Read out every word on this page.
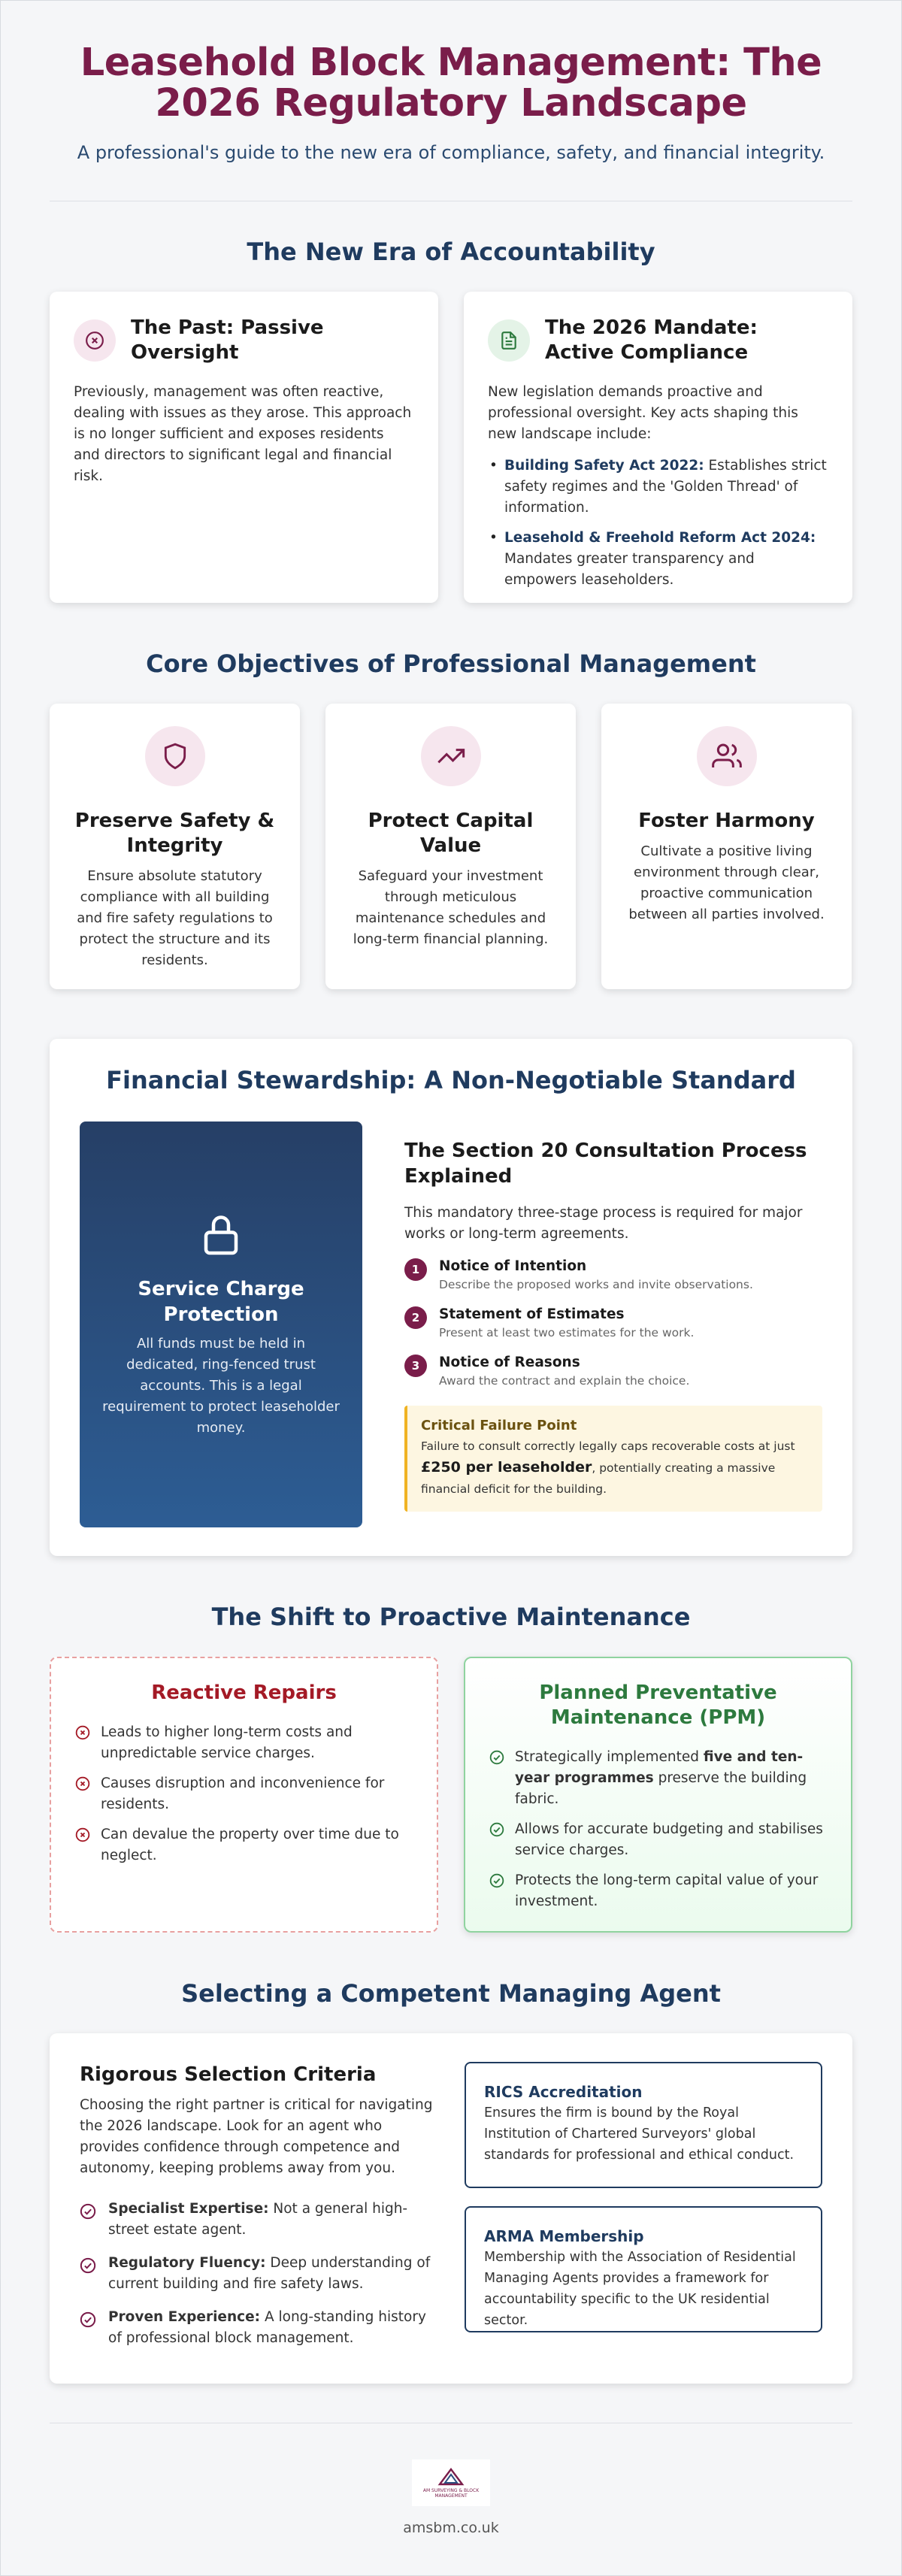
Leasehold Block Management: The 2026 Regulatory Landscape

A professional's guide to the new era of compliance, safety, and financial integrity.

The New Era of Accountability
The Past: Passive Oversight

Previously, management was often reactive, dealing with issues as they arose. This approach is no longer sufficient and exposes residents and directors to significant legal and financial risk.

The 2026 Mandate: Active Compliance

New legislation demands proactive and professional oversight. Key acts shaping this new landscape include:

• Building Safety Act 2022: Establishes strict safety regimes and the 'Golden Thread' of information.
• Leasehold & Freehold Reform Act 2024: Mandates greater transparency and empowers leaseholders.
Core Objectives of Professional Management
Preserve Safety & Integrity

Ensure absolute statutory compliance with all building and fire safety regulations to protect the structure and its residents.

Protect Capital Value

Safeguard your investment through meticulous maintenance schedules and long-term financial planning.

Foster Harmony

Cultivate a positive living environment through clear, proactive communication between all parties involved.

Financial Stewardship: A Non-Negotiable Standard
Service Charge Protection

All funds must be held in dedicated, ring-fenced trust accounts. This is a legal requirement to protect leaseholder money.

The Section 20 Consultation Process Explained

This mandatory three-stage process is required for major works or long-term agreements.

1	Notice of Intention

Describe the proposed works and invite observations.

2	Statement of Estimates

Present at least two estimates for the work.

3	Notice of Reasons

Award the contract and explain the choice.

Critical Failure Point

Failure to consult correctly legally caps recoverable costs at just £250 per leaseholder, potentially creating a massive financial deficit for the building.

The Shift to Proactive Maintenance
Reactive Repairs
Leads to higher long-term costs and unpredictable service charges.
Causes disruption and inconvenience for residents.
Can devalue the property over time due to neglect.
Planned Preventative Maintenance (PPM)
Strategically implemented five and ten-year programmes preserve the building fabric.
Allows for accurate budgeting and stabilises service charges.
Protects the long-term capital value of your investment.
Selecting a Competent Managing Agent
Rigorous Selection Criteria

Choosing the right partner is critical for navigating the 2026 landscape. Look for an agent who provides confidence through competence and autonomy, keeping problems away from you.

Specialist Expertise: Not a general high-street estate agent.
Regulatory Fluency: Deep understanding of current building and fire safety laws.
Proven Experience: A long-standing history of professional block management.
RICS Accreditation

Ensures the firm is bound by the Royal Institution of Chartered Surveyors' global standards for professional and ethical conduct.

ARMA Membership

Membership with the Association of Residential Managing Agents provides a framework for accountability specific to the UK residential sector.

AM SURVEYING & BLOCK MANAGEMENT
amsbm.co.uk
